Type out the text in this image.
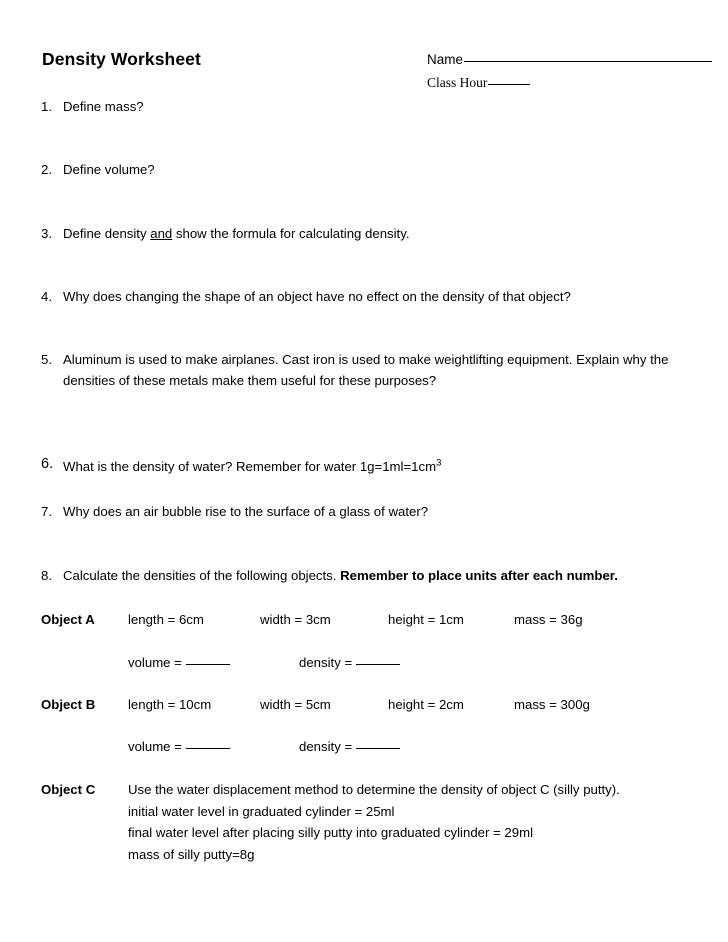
Density Worksheet	Name
Class Hour
1. Define mass?
2. Define volume?
3. Define density and show the formula for calculating density.
4. Why does changing the shape of an object have no effect on the density of that object?
5. Aluminum is used to make airplanes. Cast iron is used to make weightlifting equipment. Explain why the densities of these metals make them useful for these purposes?
6. What is the density of water? Remember for water $1g=1ml=1cm^3$
7. Why does an air bubble rise to the surface of a glass of water?
8. Calculate the densities of the following objects. Remember to place units after each number.
Object A	length = 6cm	width = 3cm	height = 1cm	mass = 36g
volume =	density =
Object B length = 10cm	width = 5cm	height = 2cm	mass = 300g
volume =	density =
Object C Use the water displacement method to determine the density of object C (silly putty).
initial water level in graduated cylinder = 25ml
final water level after placing silly putty into graduated cylinder = 29ml
mass of silly putty=8g
